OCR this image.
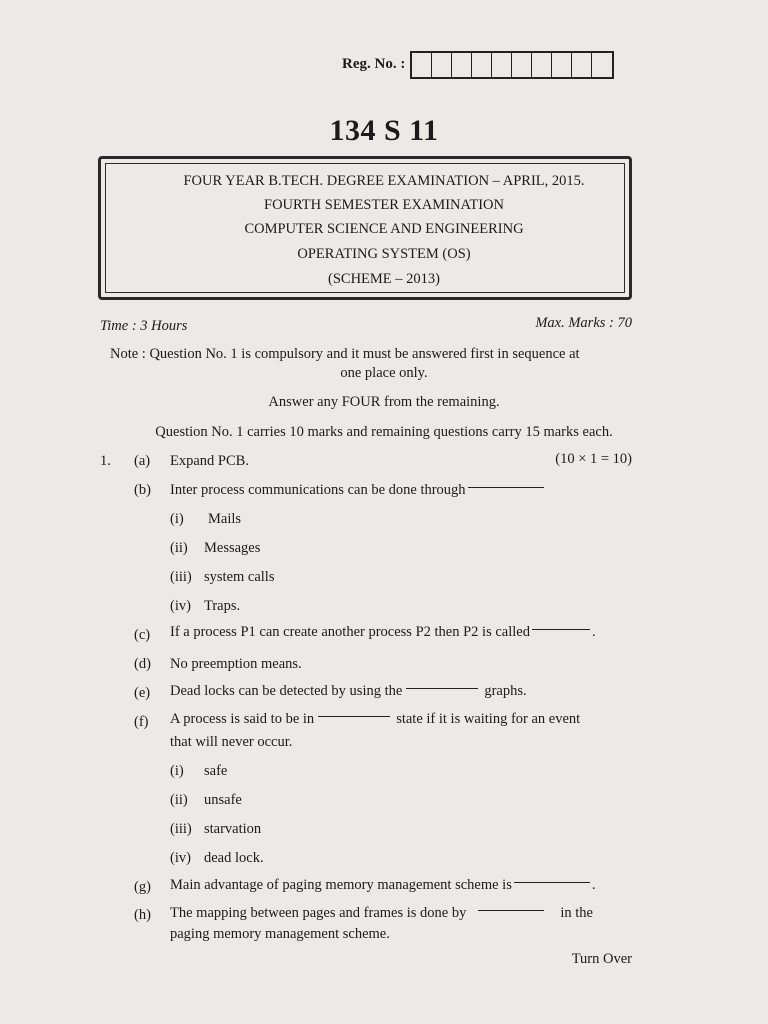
Reg. No. :
134 S 11
FOUR YEAR B.TECH. DEGREE EXAMINATION – APRIL, 2015.
FOURTH SEMESTER EXAMINATION
COMPUTER SCIENCE AND ENGINEERING
OPERATING SYSTEM (OS)
(SCHEME – 2013)
Time : 3 Hours	Max. Marks : 70
Note : Question No. 1 is compulsory and it must be answered first in sequence at
one place only.
Answer any FOUR from the remaining.
Question No. 1 carries 10 marks and remaining questions carry 15 marks each.
1. (a) Expand PCB.	(10 × 1 = 10)
(b) Inter process communications can be done through
(i) Mails
(ii) Messages
(iii) system calls
(iv) Traps.
(c) If a process P1 can create another process P2 then P2 is called	.
(d) No preemption means.
(e) Dead locks can be detected by using the	graphs.
(f) A process is said to be in	state if it is waiting for an event
that will never occur.
(i) safe
(ii) unsafe
(iii) starvation
(iv) dead lock.
(g) Main advantage of paging memory management scheme is	.
(h) The mapping between pages and frames is done by	in the
paging memory management scheme.
Turn Over
